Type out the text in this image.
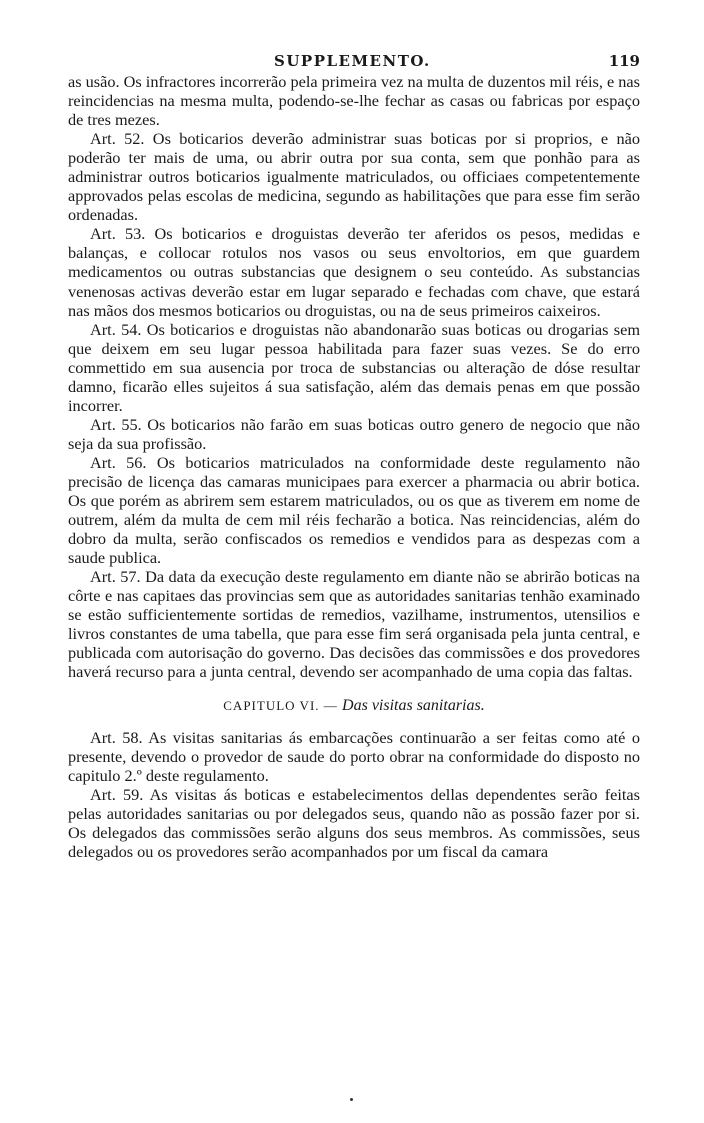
SUPPLEMENTO.	119

as usão. Os infractores incorrerão pela primeira vez na multa de duzentos mil réis, e nas reincidencias na mesma multa, podendo-se-lhe fechar as casas ou fabricas por espaço de tres mezes.

Art. 52. Os boticarios deverão administrar suas boticas por si proprios, e não poderão ter mais de uma, ou abrir outra por sua conta, sem que ponhão para as administrar outros boticarios igualmente matriculados, ou officiaes competentemente approvados pelas escolas de medicina, segundo as habilitações que para esse fim serão ordenadas.

Art. 53. Os boticarios e droguistas deverão ter aferidos os pesos, medidas e balanças, e collocar rotulos nos vasos ou seus envoltorios, em que guardem medicamentos ou outras substancias que designem o seu conteúdo. As substancias venenosas activas deverão estar em lugar separado e fechadas com chave, que estará nas mãos dos mesmos boticarios ou droguistas, ou na de seus primeiros caixeiros.

Art. 54. Os boticarios e droguistas não abandonarão suas boticas ou drogarias sem que deixem em seu lugar pessoa habilitada para fazer suas vezes. Se do erro commettido em sua ausencia por troca de substancias ou alteração de dóse resultar damno, ficarão elles sujeitos á sua satisfação, além das demais penas em que possão incorrer.

Art. 55. Os boticarios não farão em suas boticas outro genero de negocio que não seja da sua profissão.

Art. 56. Os boticarios matriculados na conformidade deste regulamento não precisão de licença das camaras municipaes para exercer a pharmacia ou abrir botica. Os que porém as abrirem sem estarem matriculados, ou os que as tiverem em nome de outrem, além da multa de cem mil réis fecharão a botica. Nas reincidencias, além do dobro da multa, serão confiscados os remedios e vendidos para as despezas com a saude publica.

Art. 57. Da data da execução deste regulamento em diante não se abrirão boticas na côrte e nas capitaes das provincias sem que as autoridades sanitarias tenhão examinado se estão sufficientemente sortidas de remedios, vazilhame, instrumentos, utensilios e livros constantes de uma tabella, que para esse fim será organisada pela junta central, e publicada com autorisação do governo. Das decisões das commissões e dos provedores haverá recurso para a junta central, devendo ser acompanhado de uma copia das faltas.

CAPITULO VI. — Das visitas sanitarias.

Art. 58. As visitas sanitarias ás embarcações continuarão a ser feitas como até o presente, devendo o provedor de saude do porto obrar na conformidade do disposto no capitulo 2.º deste regulamento.

Art. 59. As visitas ás boticas e estabelecimentos dellas dependentes serão feitas pelas autoridades sanitarias ou por delegados seus, quando não as possão fazer por si. Os delegados das commissões serão alguns dos seus membros. As commissões, seus delegados ou os provedores serão acompanhados por um fiscal da camara
